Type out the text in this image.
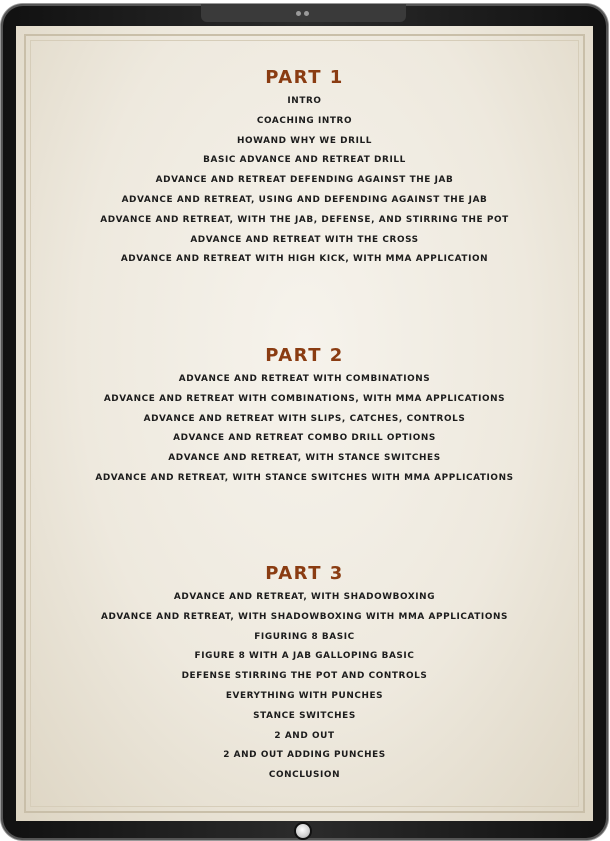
PART 1
INTRO
COACHING INTRO
HOWAND WHY WE DRILL
BASIC ADVANCE AND RETREAT DRILL
ADVANCE AND RETREAT DEFENDING AGAINST THE JAB
ADVANCE AND RETREAT, USING AND DEFENDING AGAINST THE JAB
ADVANCE AND RETREAT, WITH THE JAB, DEFENSE, AND STIRRING THE POT
ADVANCE AND RETREAT WITH THE CROSS
ADVANCE AND RETREAT WITH HIGH KICK, WITH MMA APPLICATION
PART 2
ADVANCE AND RETREAT WITH COMBINATIONS
ADVANCE AND RETREAT WITH COMBINATIONS, WITH MMA APPLICATIONS
ADVANCE AND RETREAT WITH SLIPS, CATCHES, CONTROLS
ADVANCE AND RETREAT COMBO DRILL OPTIONS
ADVANCE AND RETREAT, WITH STANCE SWITCHES
ADVANCE AND RETREAT, WITH STANCE SWITCHES WITH MMA APPLICATIONS
PART 3
ADVANCE AND RETREAT, WITH SHADOWBOXING
ADVANCE AND RETREAT, WITH SHADOWBOXING WITH MMA APPLICATIONS
FIGURING 8 BASIC
FIGURE 8 WITH A JAB GALLOPING BASIC
DEFENSE STIRRING THE POT AND CONTROLS
EVERYTHING WITH PUNCHES
STANCE SWITCHES
2 AND OUT
2 AND OUT ADDING PUNCHES
CONCLUSION
